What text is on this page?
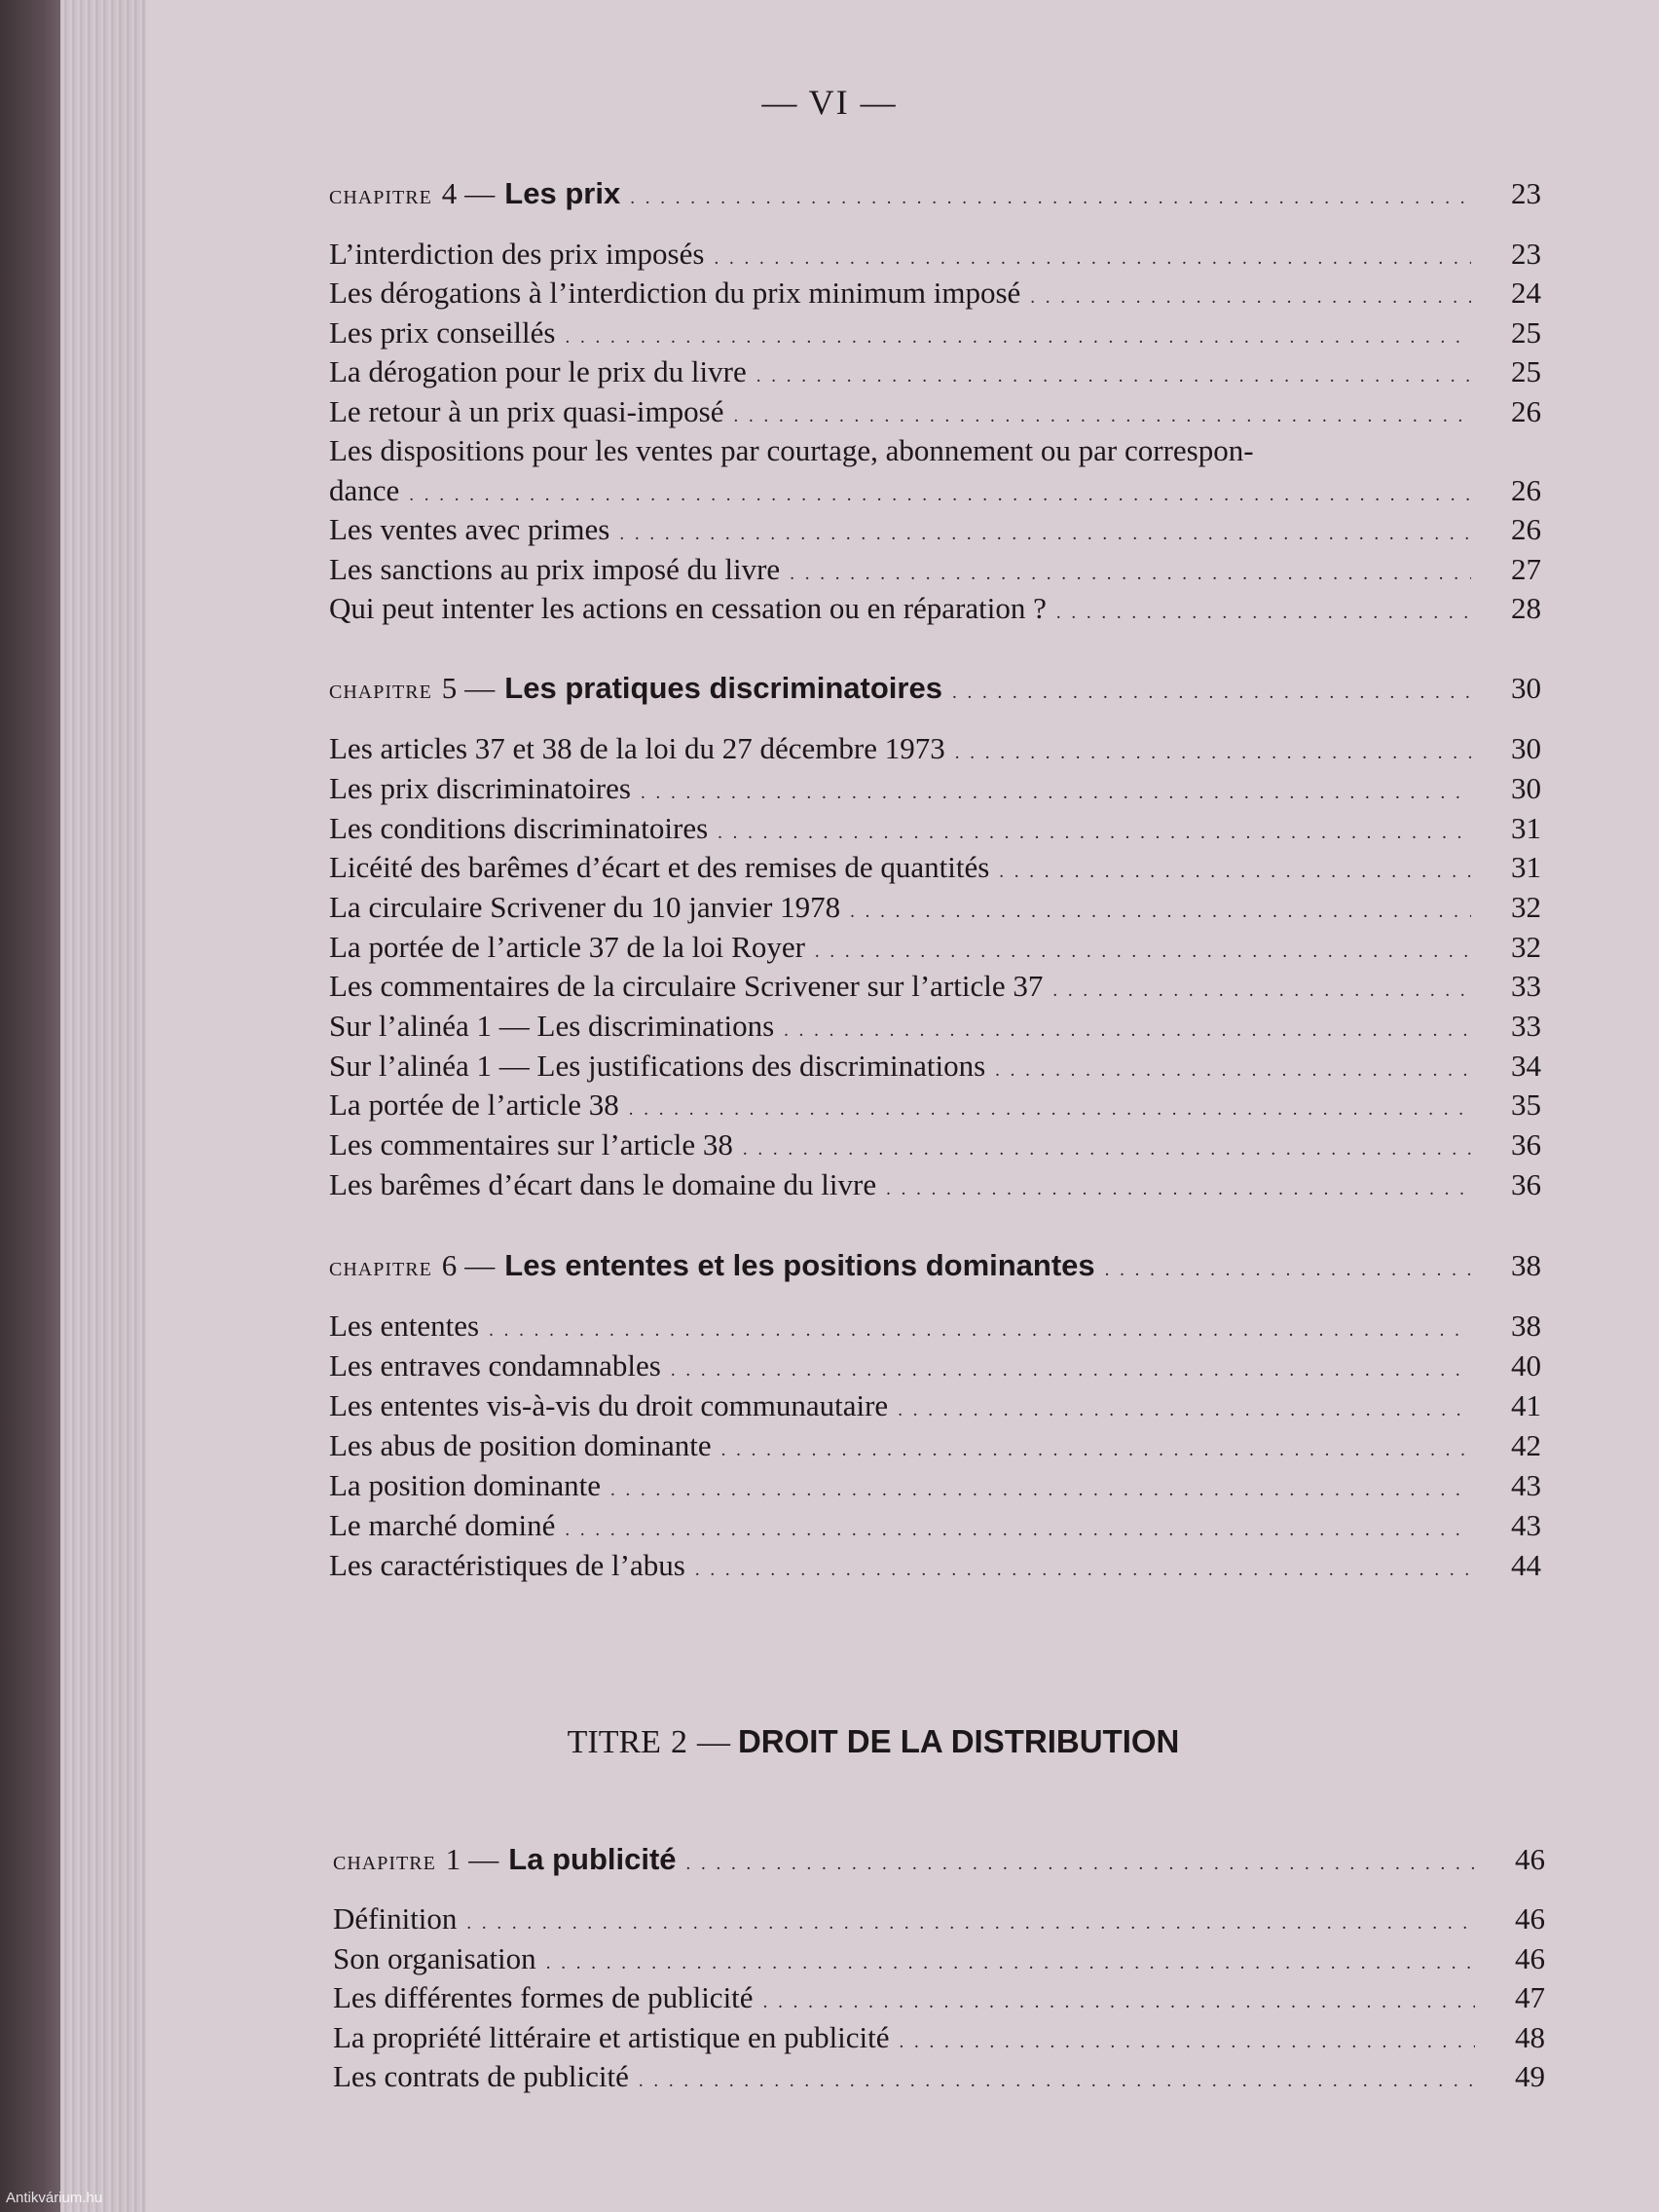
— VI —
chapitre 4 — Les prix . . .	23
L’interdiction des prix imposés . . .	23
Les dérogations à l’interdiction du prix minimum imposé . . .	24
Les prix conseillés . . .	25
La dérogation pour le prix du livre . . .	25
Le retour à un prix quasi-imposé . . .	26
Les dispositions pour les ventes par courtage, abonnement ou par correspon-
dance . . .	26
Les ventes avec primes . . .	26
Les sanctions au prix imposé du livre . . .	27
Qui peut intenter les actions en cessation ou en réparation ? . . .	28
chapitre 5 — Les pratiques discriminatoires . . .	30
Les articles 37 et 38 de la loi du 27 décembre 1973 . . .	30
Les prix discriminatoires . . .	30
Les conditions discriminatoires . . .	31
Licéité des barêmes d’écart et des remises de quantités . . .	31
La circulaire Scrivener du 10 janvier 1978 . . .	32
La portée de l’article 37 de la loi Royer . . .	32
Les commentaires de la circulaire Scrivener sur l’article 37 . . .	33
Sur l’alinéa 1 — Les discriminations . . .	33
Sur l’alinéa 1 — Les justifications des discriminations . . .	34
La portée de l’article 38 . . .	35
Les commentaires sur l’article 38 . . .	36
Les barêmes d’écart dans le domaine du livre . . .	36
chapitre 6 — Les ententes et les positions dominantes . . .	38
Les ententes . . .	38
Les entraves condamnables . . .	40
Les ententes vis-à-vis du droit communautaire . . .	41
Les abus de position dominante . . .	42
La position dominante . . .	43
Le marché dominé . . .	43
Les caractéristiques de l’abus . . .	44
chapitre 1 — La publicité . . .	46
Définition . . .	46
Son organisation . . .	46
Les différentes formes de publicité . . .	47
La propriété littéraire et artistique en publicité . . .	48
Les contrats de publicité . . .	49
TITRE 2 — DROIT DE LA DISTRIBUTION
Antikvárium.hu
